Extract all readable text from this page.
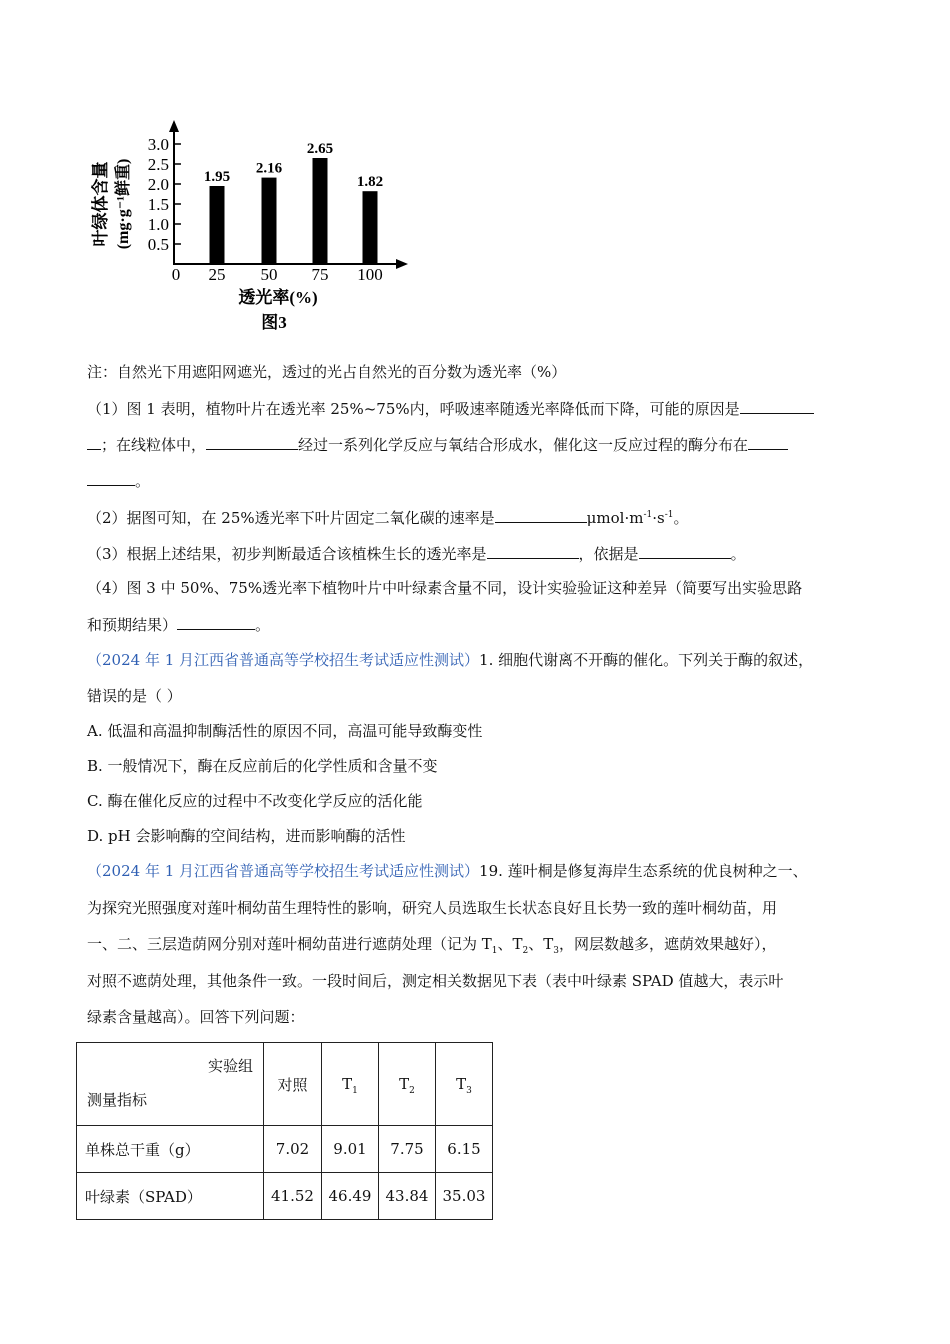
0.5
1.0
1.5
2.0
2.5
3.0
1.95
2.16
2.65
1.82
25 50 75 100
0
叶绿体含量 (mg·g⁻¹鲜重)
透光率(%)
图3
注：自然光下用遮阳网遮光，透过的光占自然光的百分数为透光率（%）
（1）图 1 表明，植物叶片在透光率 25%~75%内，呼吸速率随透光率降低而下降，可能的原因是
；在线粒体中，	经过一系列化学反应与氧结合形成水，催化这一反应过程的酶分布在
。
（2）据图可知，在 25%透光率下叶片固定二氧化碳的速率是	$\mu mol\cdot m^{-1}\cdot s^{-1}$。
（3）根据上述结果，初步判断最适合该植株生长的透光率是	，依据是	。
（4）图 3 中 50%、75%透光率下植物叶片中叶绿素含量不同，设计实验验证这种差异（简要写出实验思路
和预期结果）	。
（2024 年 1 月江西省普通高等学校招生考试适应性测试）1. 细胞代谢离不开酶的催化。下列关于酶的叙述，
错误的是（ ）
A. 低温和高温抑制酶活性的原因不同，高温可能导致酶变性
B. 一般情况下，酶在反应前后的化学性质和含量不变
C. 酶在催化反应的过程中不改变化学反应的活化能
D. pH 会影响酶的空间结构，进而影响酶的活性
（2024 年 1 月江西省普通高等学校招生考试适应性测试）19. 莲叶桐是修复海岸生态系统的优良树种之一、
为探究光照强度对莲叶桐幼苗生理特性的影响，研究人员选取生长状态良好且长势一致的莲叶桐幼苗，用
一、二、三层造荫网分别对莲叶桐幼苗进行遮荫处理（记为 $T_1$、$T_2$、$T_3$，网层数越多，遮荫效果越好），
对照不遮荫处理，其他条件一致。一段时间后，测定相关数据见下表（表中叶绿素 SPAD 值越大，表示叶
绿素含量越高）。回答下列问题：
实验组
测量指标	对照	$T_1$	$T_2$	$T_3$
单株总干重（g）	7.02	9.01	7.75	6.15
叶绿素（SPAD）	41.52	46.49	43.84	35.03
